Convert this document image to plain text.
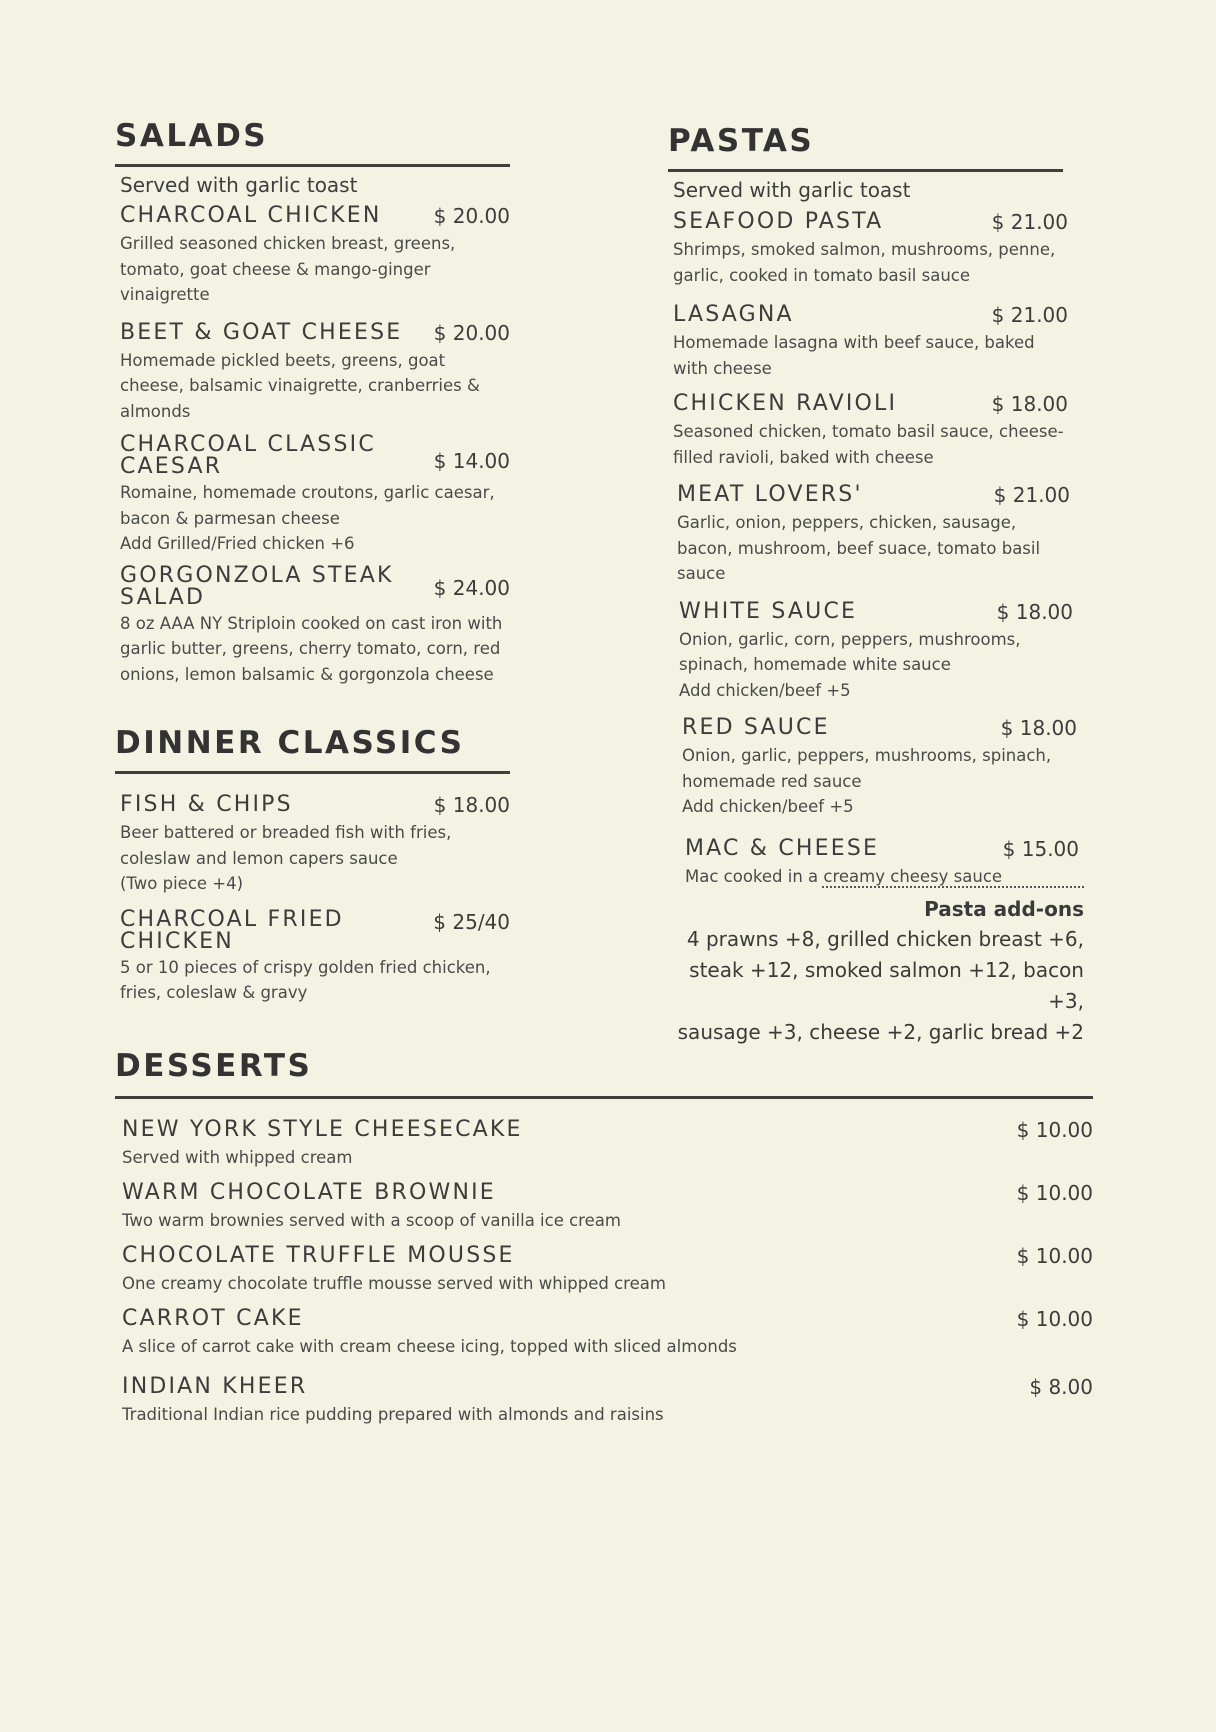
SALADS
Served with garlic toast
CHARCOAL CHICKEN	$ 20.00
Grilled seasoned chicken breast, greens, tomato, goat cheese & mango-ginger vinaigrette
BEET & GOAT CHEESE	$ 20.00
Homemade pickled beets, greens, goat cheese, balsamic vinaigrette, cranberries & almonds
CHARCOAL CLASSIC CAESAR	$ 14.00
Romaine, homemade croutons, garlic caesar, bacon & parmesan cheese
Add Grilled/Fried chicken +6
GORGONZOLA STEAK SALAD	$ 24.00
8 oz AAA NY Striploin cooked on cast iron with garlic butter, greens, cherry tomato, corn, red onions, lemon balsamic & gorgonzola cheese
DINNER CLASSICS
FISH & CHIPS	$ 18.00
Beer battered or breaded fish with fries, coleslaw and lemon capers sauce
(Two piece +4)
CHARCOAL FRIED CHICKEN
$ 25/40
5 or 10 pieces of crispy golden fried chicken, fries, coleslaw & gravy
PASTAS
Served with garlic toast
SEAFOOD PASTA	$ 21.00
Shrimps, smoked salmon, mushrooms, penne, garlic, cooked in tomato basil sauce
LASAGNA	$ 21.00
Homemade lasagna with beef sauce, baked with cheese
CHICKEN RAVIOLI	$ 18.00
Seasoned chicken, tomato basil sauce, cheese-filled ravioli, baked with cheese
MEAT LOVERS'	$ 21.00
Garlic, onion, peppers, chicken, sausage, bacon, mushroom, beef suace, tomato basil sauce
WHITE SAUCE	$ 18.00
Onion, garlic, corn, peppers, mushrooms, spinach, homemade white sauce
Add chicken/beef +5
RED SAUCE	$ 18.00
Onion, garlic, peppers, mushrooms, spinach, homemade red sauce
Add chicken/beef +5
MAC & CHEESE	$ 15.00
Mac cooked in a creamy cheesy sauce
Pasta add-ons
4 prawns +8, grilled chicken breast +6,
steak +12, smoked salmon +12, bacon +3,
sausage +3, cheese +2, garlic bread +2
DESSERTS
NEW YORK STYLE CHEESECAKE	$ 10.00
Served with whipped cream
WARM CHOCOLATE BROWNIE	$ 10.00
Two warm brownies served with a scoop of vanilla ice cream
CHOCOLATE TRUFFLE MOUSSE	$ 10.00
One creamy chocolate truffle mousse served with whipped cream
CARROT CAKE	$ 10.00
A slice of carrot cake with cream cheese icing, topped with sliced almonds
INDIAN KHEER	$ 8.00
Traditional Indian rice pudding prepared with almonds and raisins
